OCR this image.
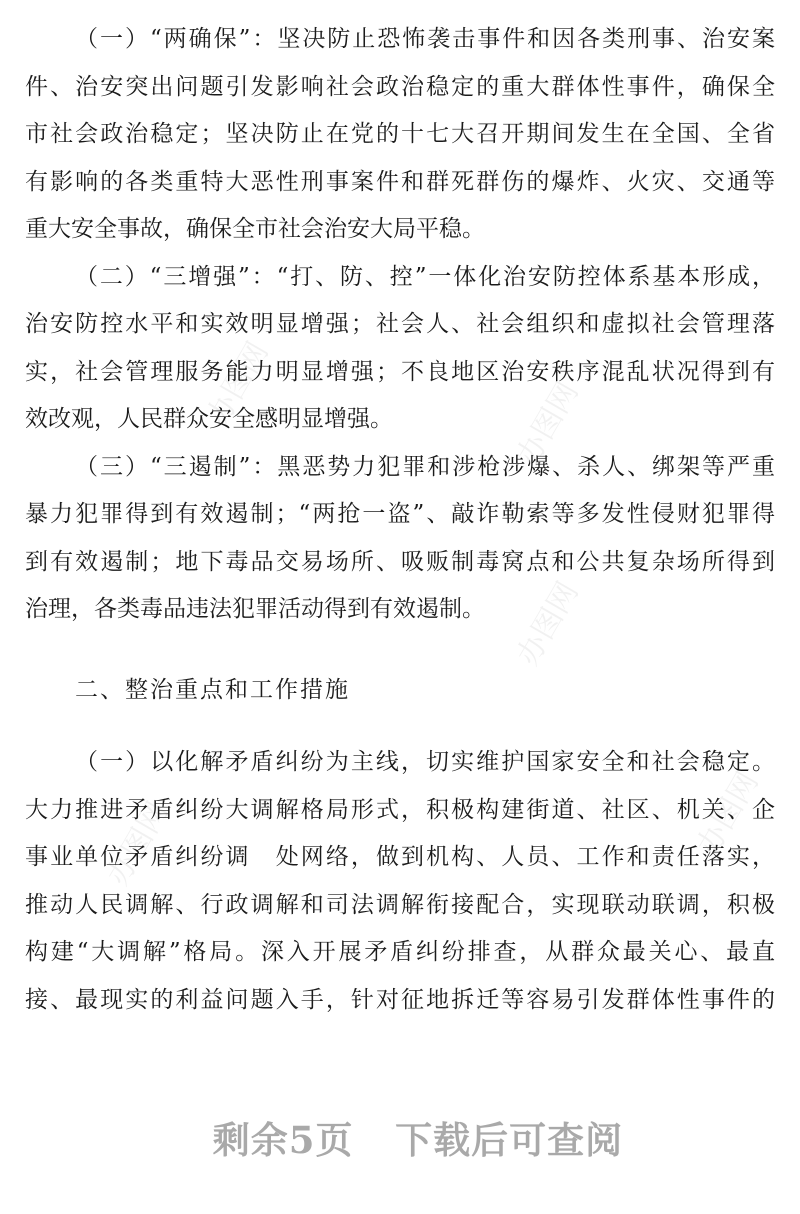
办图网	办图网
办图网
办图网	办图网
（一）“两确保”：坚决防止恐怖袭击事件和因各类刑事、治安案
件、治安突出问题引发影响社会政治稳定的重大群体性事件，确保全
市社会政治稳定；坚决防止在党的十七大召开期间发生在全国、全省
有影响的各类重特大恶性刑事案件和群死群伤的爆炸、火灾、交通等
重大安全事故，确保全市社会治安大局平稳。
（二）“三增强”：“打、防、控”一体化治安防控体系基本形成，
治安防控水平和实效明显增强；社会人、社会组织和虚拟社会管理落
实，社会管理服务能力明显增强；不良地区治安秩序混乱状况得到有
效改观，人民群众安全感明显增强。
（三）“三遏制”：黑恶势力犯罪和涉枪涉爆、杀人、绑架等严重
暴力犯罪得到有效遏制；“两抢一盗”、敲诈勒索等多发性侵财犯罪得
到有效遏制；地下毒品交易场所、吸贩制毒窝点和公共复杂场所得到
治理，各类毒品违法犯罪活动得到有效遏制。
二、整治重点和工作措施
（一）以化解矛盾纠纷为主线，切实维护国家安全和社会稳定。
大力推进矛盾纠纷大调解格局形式，积极构建街道、社区、机关、企
事业单位矛盾纠纷调　处网络，做到机构、人员、工作和责任落实，
推动人民调解、行政调解和司法调解衔接配合，实现联动联调，积极
构建“大调解”格局。深入开展矛盾纠纷排查，从群众最关心、最直
接、最现实的利益问题入手，针对征地拆迁等容易引发群体性事件的
剩余5页   下载后可查阅
